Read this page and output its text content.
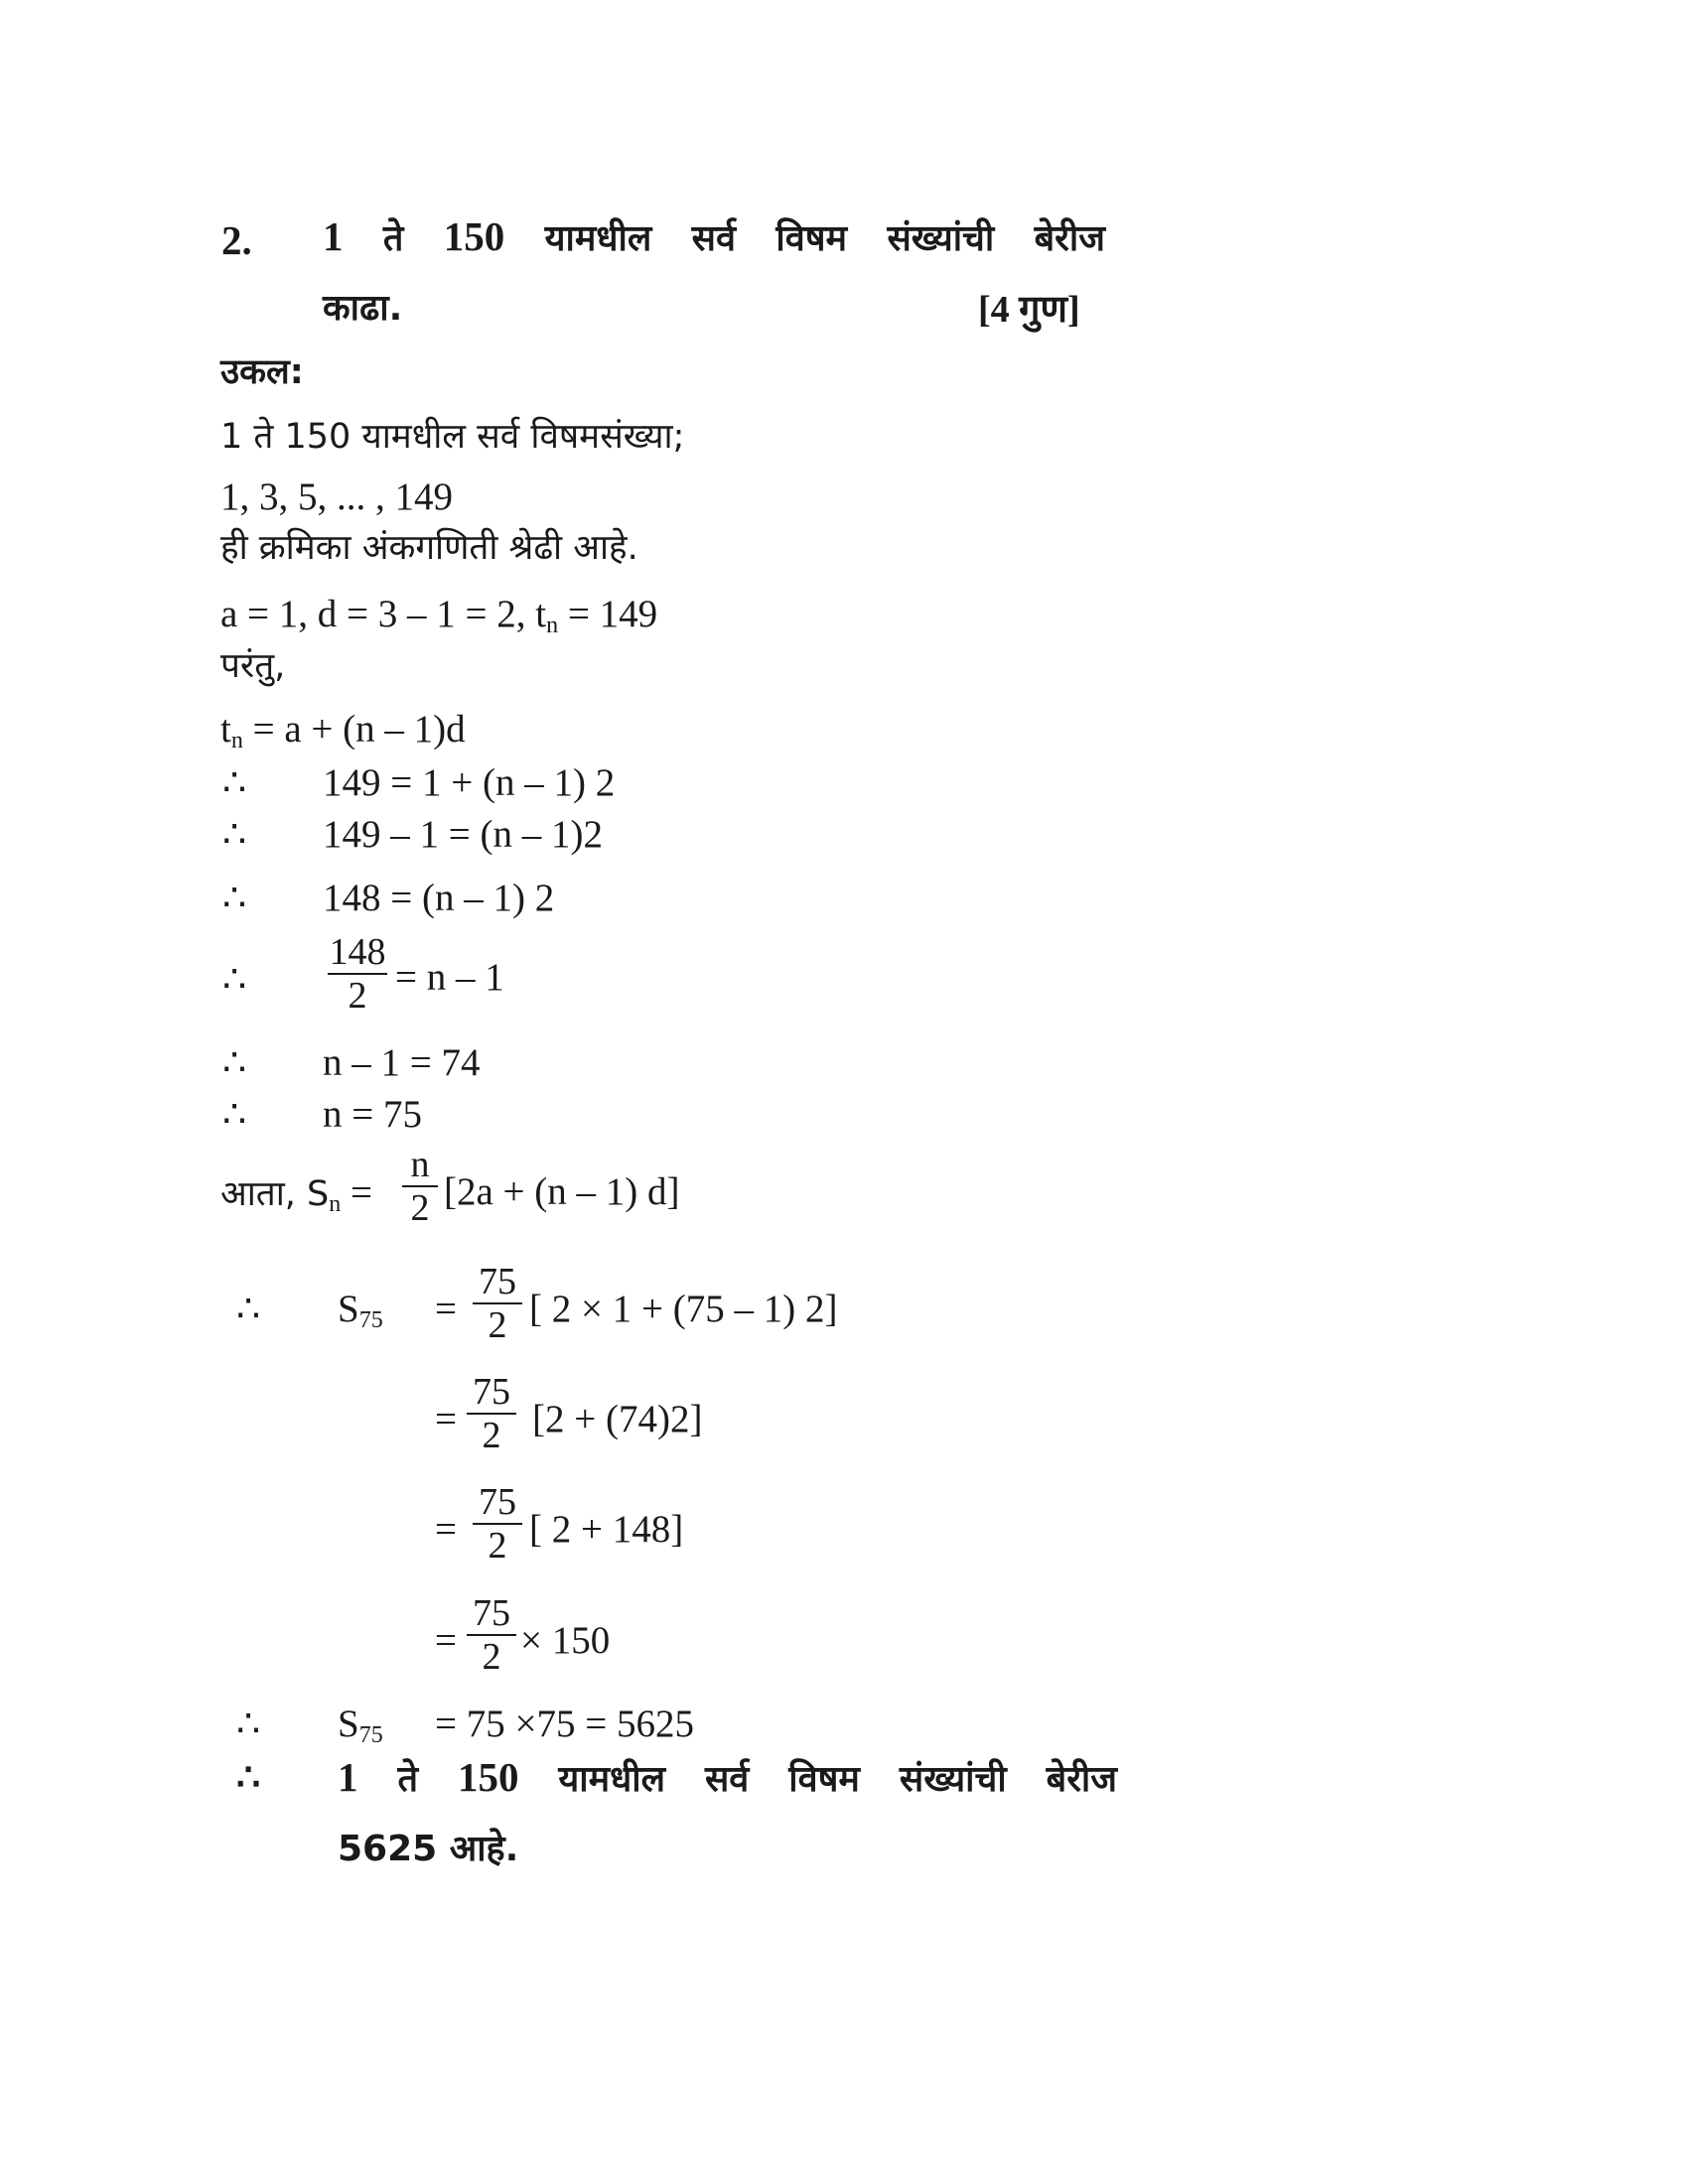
2. 1 ते 150 यामधील सर्व विषम संख्यांची बेरीज
काढा.	[4 गुण]
उकल:
1 ते 150 यामधील सर्व विषमसंख्या;
1, 3, 5, ... , 149
ही क्रमिका अंकगणिती श्रेढी आहे.
a = 1, d = 3 – 1 = 2, $t_n = 149$
परंतु,
$t_n = a + (n - 1)d$
∴ 149 = 1 + (n – 1) 2
∴ 149 – 1 = (n – 1)2
∴ 148 = (n – 1) 2
∴
148
2 = n – 1
∴ n – 1 = 74
∴ n = 75
आता, $S_n$ =
n
2 [2a + (n – 1) d]
∴ $S_{75}$ =
75
2 [ 2 × 1 + (75 – 1) 2]
=
75
2 [2 + (74)2]
=
75
2 [ 2 + 148]
=
75
2 × 150
∴ $S_{75} = 75 \times 75 = 5625$
∴ 1 ते 150 यामधील सर्व विषम संख्यांची बेरीज
5625 आहे.
